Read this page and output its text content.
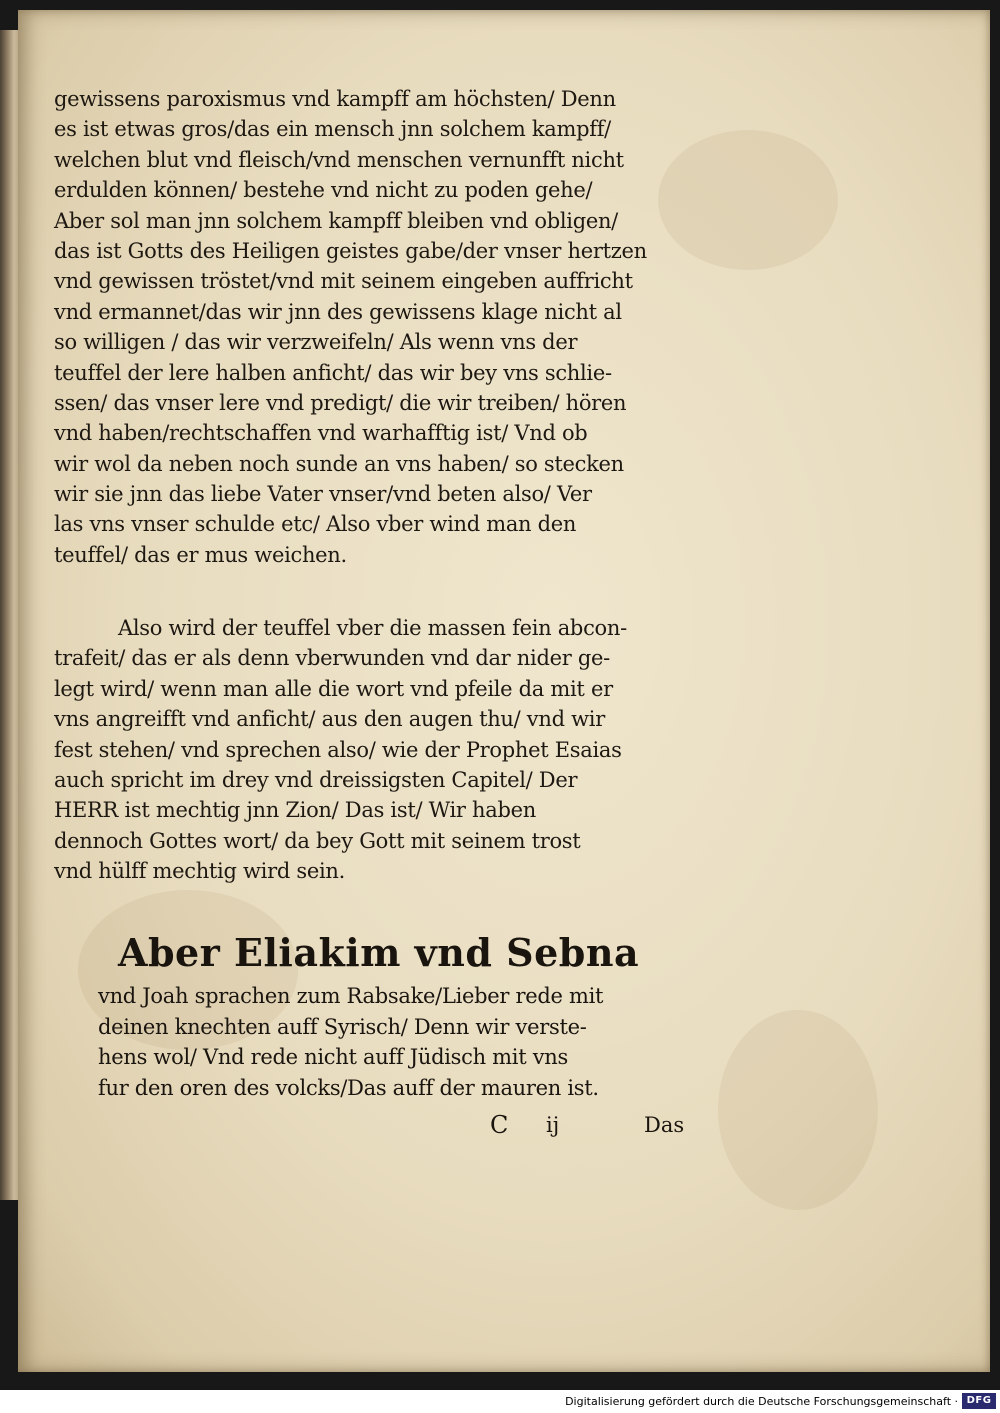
gewissens paroxismus vnd kampff am höchsten/ Denn
es ist etwas gros/das ein mensch jnn solchem kampff/
welchen blut vnd fleisch/vnd menschen vernunfft nicht
erdulden können/ bestehe vnd nicht zu poden gehe/
Aber sol man jnn solchem kampff bleiben vnd obligen/
das ist Gotts des Heiligen geistes gabe/der vnser hertzen
vnd gewissen tröstet/vnd mit seinem eingeben auffricht
vnd ermannet/das wir jnn des gewissens klage nicht al
so willigen / das wir verzweifeln/ Als wenn vns der
teuffel der lere halben anficht/ das wir bey vns schlie-
ssen/ das vnser lere vnd predigt/ die wir treiben/ hören
vnd haben/rechtschaffen vnd warhafftig ist/ Vnd ob
wir wol da neben noch sunde an vns haben/ so stecken
wir sie jnn das liebe Vater vnser/vnd beten also/ Ver
las vns vnser schulde etc/ Also vber wind man den
teuffel/ das er mus weichen.
Also wird der teuffel vber die massen fein abcon-
trafeit/ das er als denn vberwunden vnd dar nider ge-
legt wird/ wenn man alle die wort vnd pfeile da mit er
vns angreifft vnd anficht/ aus den augen thu/ vnd wir
fest stehen/ vnd sprechen also/ wie der Prophet Esaias
auch spricht im drey vnd dreissigsten Capitel/ Der
HERR ist mechtig jnn Zion/ Das ist/ Wir haben
dennoch Gottes wort/ da bey Gott mit seinem trost
vnd hülff mechtig wird sein.
Aber Eliakim vnd Sebna
vnd Joah sprachen zum Rabsake/Lieber rede mit
deinen knechten auff Syrisch/ Denn wir verste-
hens wol/ Vnd rede nicht auff Jüdisch mit vns
fur den oren des volcks/Das auff der mauren ist.
C ij	Das
Digitalisierung gefördert durch die Deutsche Forschungsgemeinschaft · DFG
